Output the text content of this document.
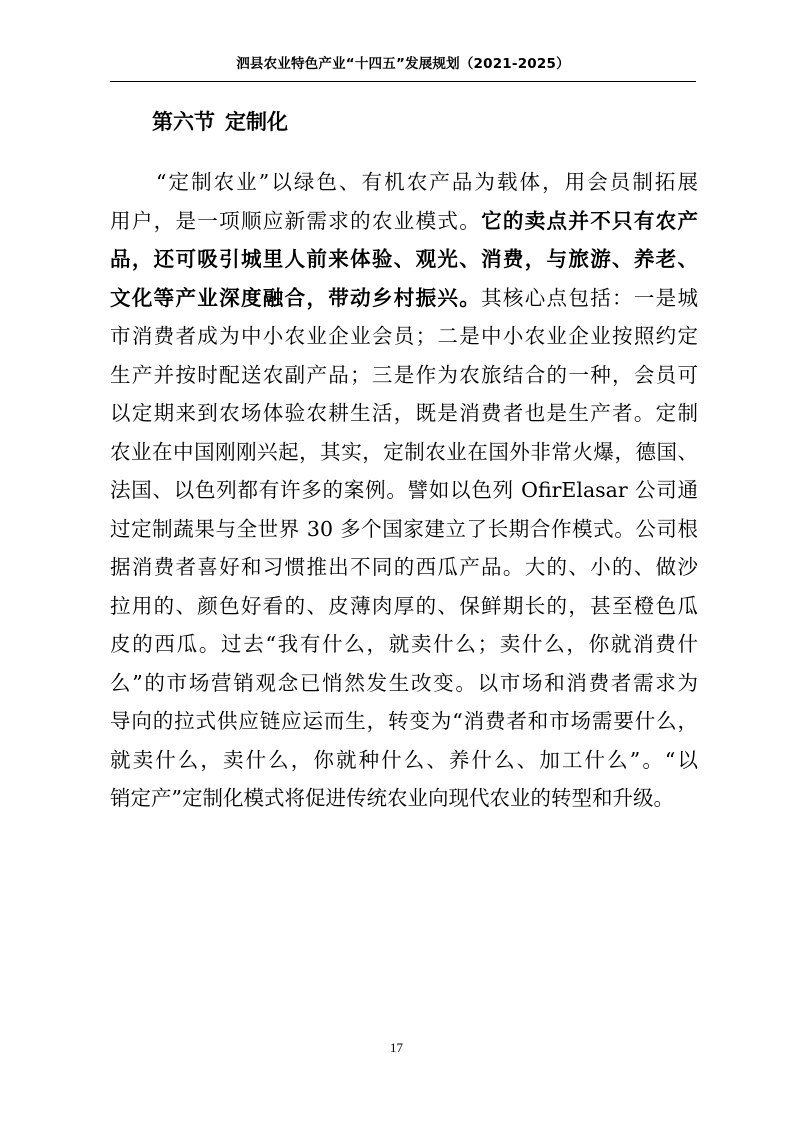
泗县农业特色产业“十四五”发展规划（2021-2025）
第六节 定制化
“定制农业”以绿色、有机农产品为载体，用会员制拓展
用户，是一项顺应新需求的农业模式。它的卖点并不只有农产
品，还可吸引城里人前来体验、观光、消费，与旅游、养老、
文化等产业深度融合，带动乡村振兴。其核心点包括：一是城
市消费者成为中小农业企业会员；二是中小农业企业按照约定
生产并按时配送农副产品；三是作为农旅结合的一种，会员可
以定期来到农场体验农耕生活，既是消费者也是生产者。定制
农业在中国刚刚兴起，其实，定制农业在国外非常火爆，德国、
法国、以色列都有许多的案例。譬如以色列 OfirElasar 公司通
过定制蔬果与全世界 30 多个国家建立了长期合作模式。公司根
据消费者喜好和习惯推出不同的西瓜产品。大的、小的、做沙
拉用的、颜色好看的、皮薄肉厚的、保鲜期长的，甚至橙色瓜
皮的西瓜。过去“我有什么，就卖什么；卖什么，你就消费什
么”的市场营销观念已悄然发生改变。以市场和消费者需求为
导向的拉式供应链应运而生，转变为“消费者和市场需要什么，
就卖什么，卖什么，你就种什么、养什么、加工什么”。“以
销定产”定制化模式将促进传统农业向现代农业的转型和升级。
17
